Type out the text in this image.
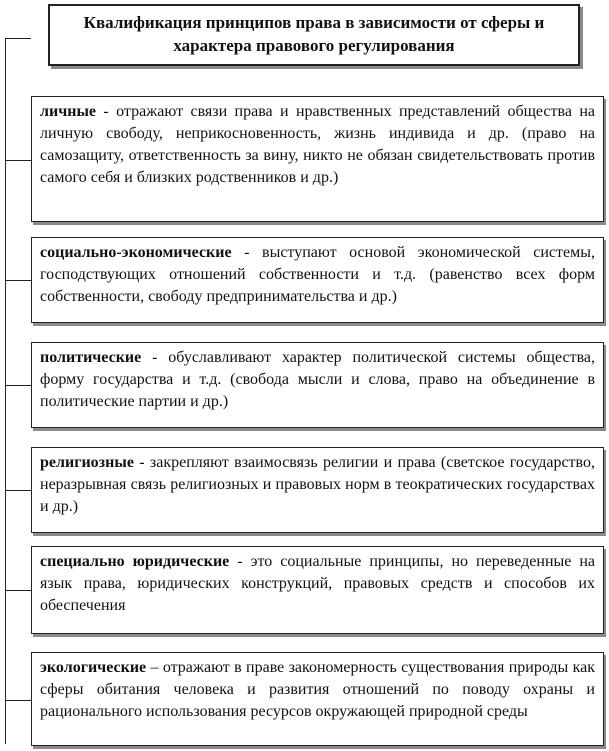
Квалификация принципов права в зависимости от сферы и характера правового регулирования
личные - отражают связи права и нравственных представлений общества на личную свободу, неприкосновенность, жизнь индивида и др. (право на самозащиту, ответственность за вину, никто не обязан свидетельствовать против самого себя и близких родственников и др.)
социально-экономические - выступают основой экономической системы, господствующих отношений собственности и т.д. (равенство всех форм собственности, свободу предпринимательства и др.)
политические - обуславливают характер политической системы общества, форму государства и т.д. (свобода мысли и слова, право на объединение в политические партии и др.)
религиозные - закрепляют взаимосвязь религии и права (светское государство, неразрывная связь религиозных и правовых норм в теократических государствах и др.)
специально юридические - это социальные принципы, но переведенные на язык права, юридических конструкций, правовых средств и способов их обеспечения
экологические – отражают в праве закономерность существования природы как сферы обитания человека и развития отношений по поводу охраны и рационального использования ресурсов окружающей природной среды
